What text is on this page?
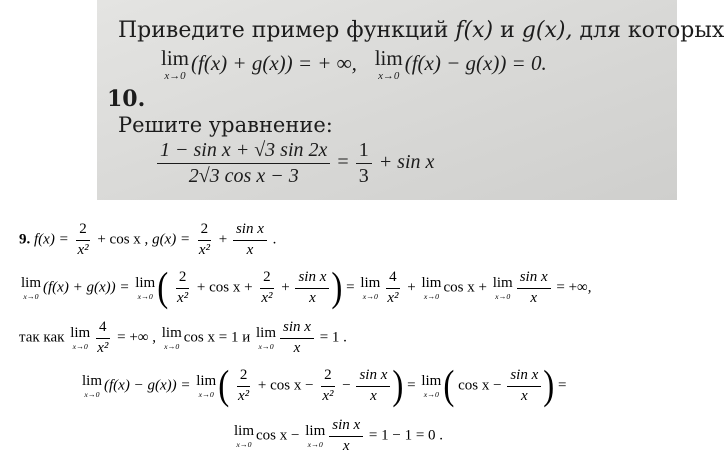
Приведите пример функций f(x) и g(x), для которых
lim
x→0
(f(x) + g(x)) = + ∞, lim
x→0
(f(x) − g(x)) = 0.
10.
Решите уравнение:
$\frac{\text{1 − sin x + √3 sin 2x}}{\text{2√3 cos x − 3}} = \frac{1}{3} + \sin x$
9. $f(x) = \frac{2}{\text{x²}} + \cos x$ , $g(x) = \frac{2}{\text{x²}} + \frac{\text{sin x}}{x}$ .
lim
x→0
(f(x) + g(x)) = lim
x→0 ( $\frac{2}{\text{x²}} + \cos x + \frac{2}{\text{x²}} + \frac{\text{sin x}}{x}$ ) = lim
$x\to 0 \frac{4}{\text{x²}} + \lim$
x→0
cos x + lim
$x\to 0 \frac{\text{sin x}}{x}$ = +∞,
так как lim
$x\to 0 \frac{4}{\text{x²}}$ = +∞ , lim
x→0
cos x = 1 и lim
$x\to 0 \frac{\text{sin x}}{x} = 1$ .
lim
x→0
(f(x) − g(x)) = lim
x→0 ( $\frac{2}{\text{x²}} + \cos x - \frac{2}{\text{x²}} - \frac{\text{sin x}}{x}$ ) = lim
x→0 ( $\cos x - \frac{\text{sin x}}{x}$ ) =
lim
x→0
cos x − lim
$x\to 0 \frac{\text{sin x}}{x} = 1 - 1 = 0$ .
